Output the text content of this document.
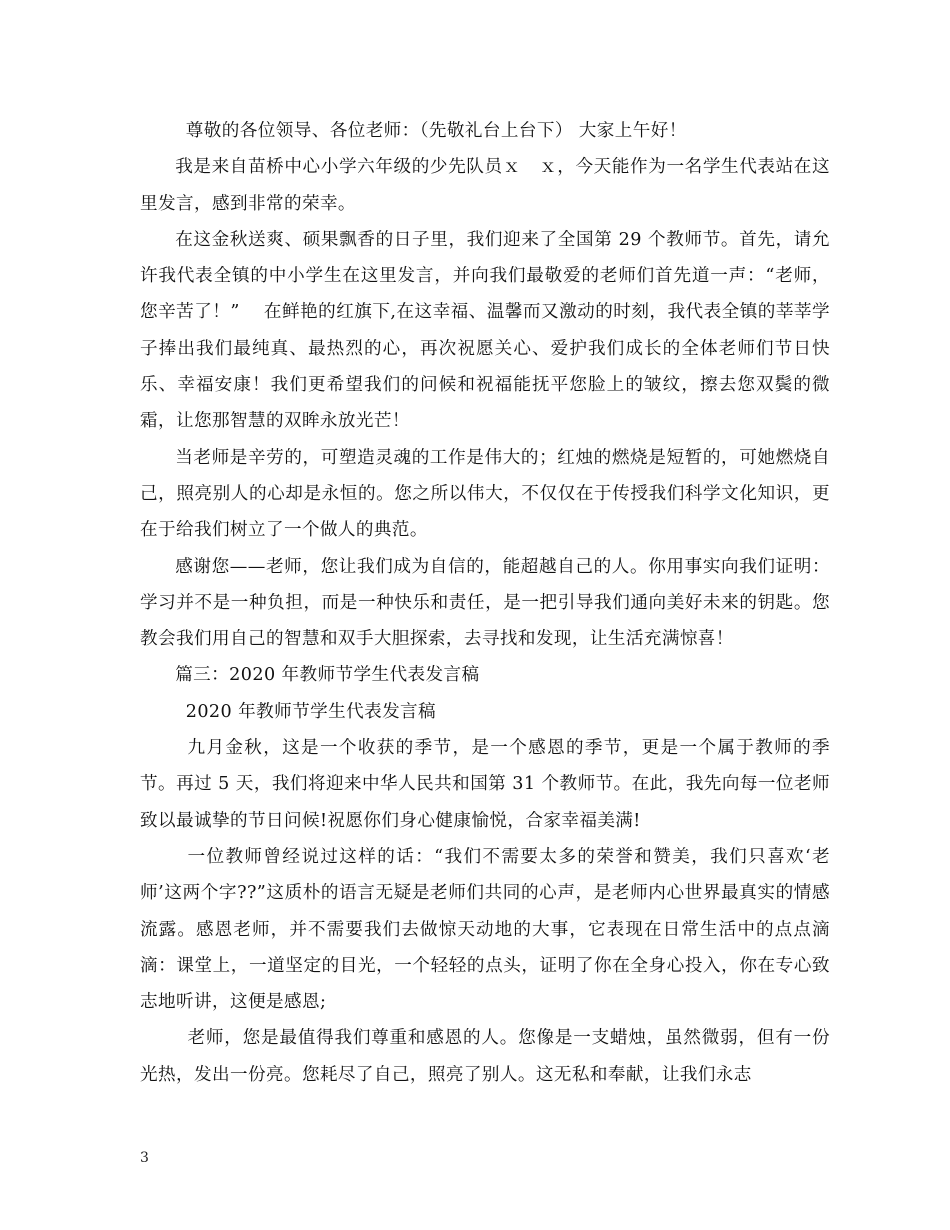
尊敬的各位领导、各位老师：（先敬礼台上台下） 大家上午好！

我是来自苗桥中心小学六年级的少先队员ｘ　ｘ，今天能作为一名学生代表站在这里发言，感到非常的荣幸。

在这金秋送爽、硕果飘香的日子里，我们迎来了全国第 29 个教师节。首先，请允许我代表全镇的中小学生在这里发言，并向我们最敬爱的老师们首先道一声：“老师，您辛苦了！”　 在鲜艳的红旗下,在这幸福、温馨而又激动的时刻，我代表全镇的莘莘学子捧出我们最纯真、最热烈的心，再次祝愿关心、爱护我们成长的全体老师们节日快乐、幸福安康！我们更希望我们的问候和祝福能抚平您脸上的皱纹，擦去您双鬓的微霜，让您那智慧的双眸永放光芒！

当老师是辛劳的，可塑造灵魂的工作是伟大的；红烛的燃烧是短暂的，可她燃烧自己，照亮别人的心却是永恒的。您之所以伟大，不仅仅在于传授我们科学文化知识，更在于给我们树立了一个做人的典范。

感谢您——老师，您让我们成为自信的，能超越自己的人。你用事实向我们证明：学习并不是一种负担，而是一种快乐和责任，是一把引导我们通向美好未来的钥匙。您教会我们用自己的智慧和双手大胆探索，去寻找和发现，让生活充满惊喜！

篇三：2020 年教师节学生代表发言稿

2020 年教师节学生代表发言稿

九月金秋，这是一个收获的季节，是一个感恩的季节，更是一个属于教师的季节。再过 5 天，我们将迎来中华人民共和国第 31 个教师节。在此，我先向每一位老师致以最诚挚的节日问候!祝愿你们身心健康愉悦，合家幸福美满!

一位教师曾经说过这样的话：“我们不需要太多的荣誉和赞美，我们只喜欢‘老师’这两个字??”这质朴的语言无疑是老师们共同的心声，是老师内心世界最真实的情感流露。感恩老师，并不需要我们去做惊天动地的大事，它表现在日常生活中的点点滴滴：课堂上，一道坚定的目光，一个轻轻的点头，证明了你在全身心投入，你在专心致志地听讲，这便是感恩;

老师，您是最值得我们尊重和感恩的人。您像是一支蜡烛，虽然微弱，但有一份光热，发出一份亮。您耗尽了自己，照亮了别人。这无私和奉献，让我们永志

3
